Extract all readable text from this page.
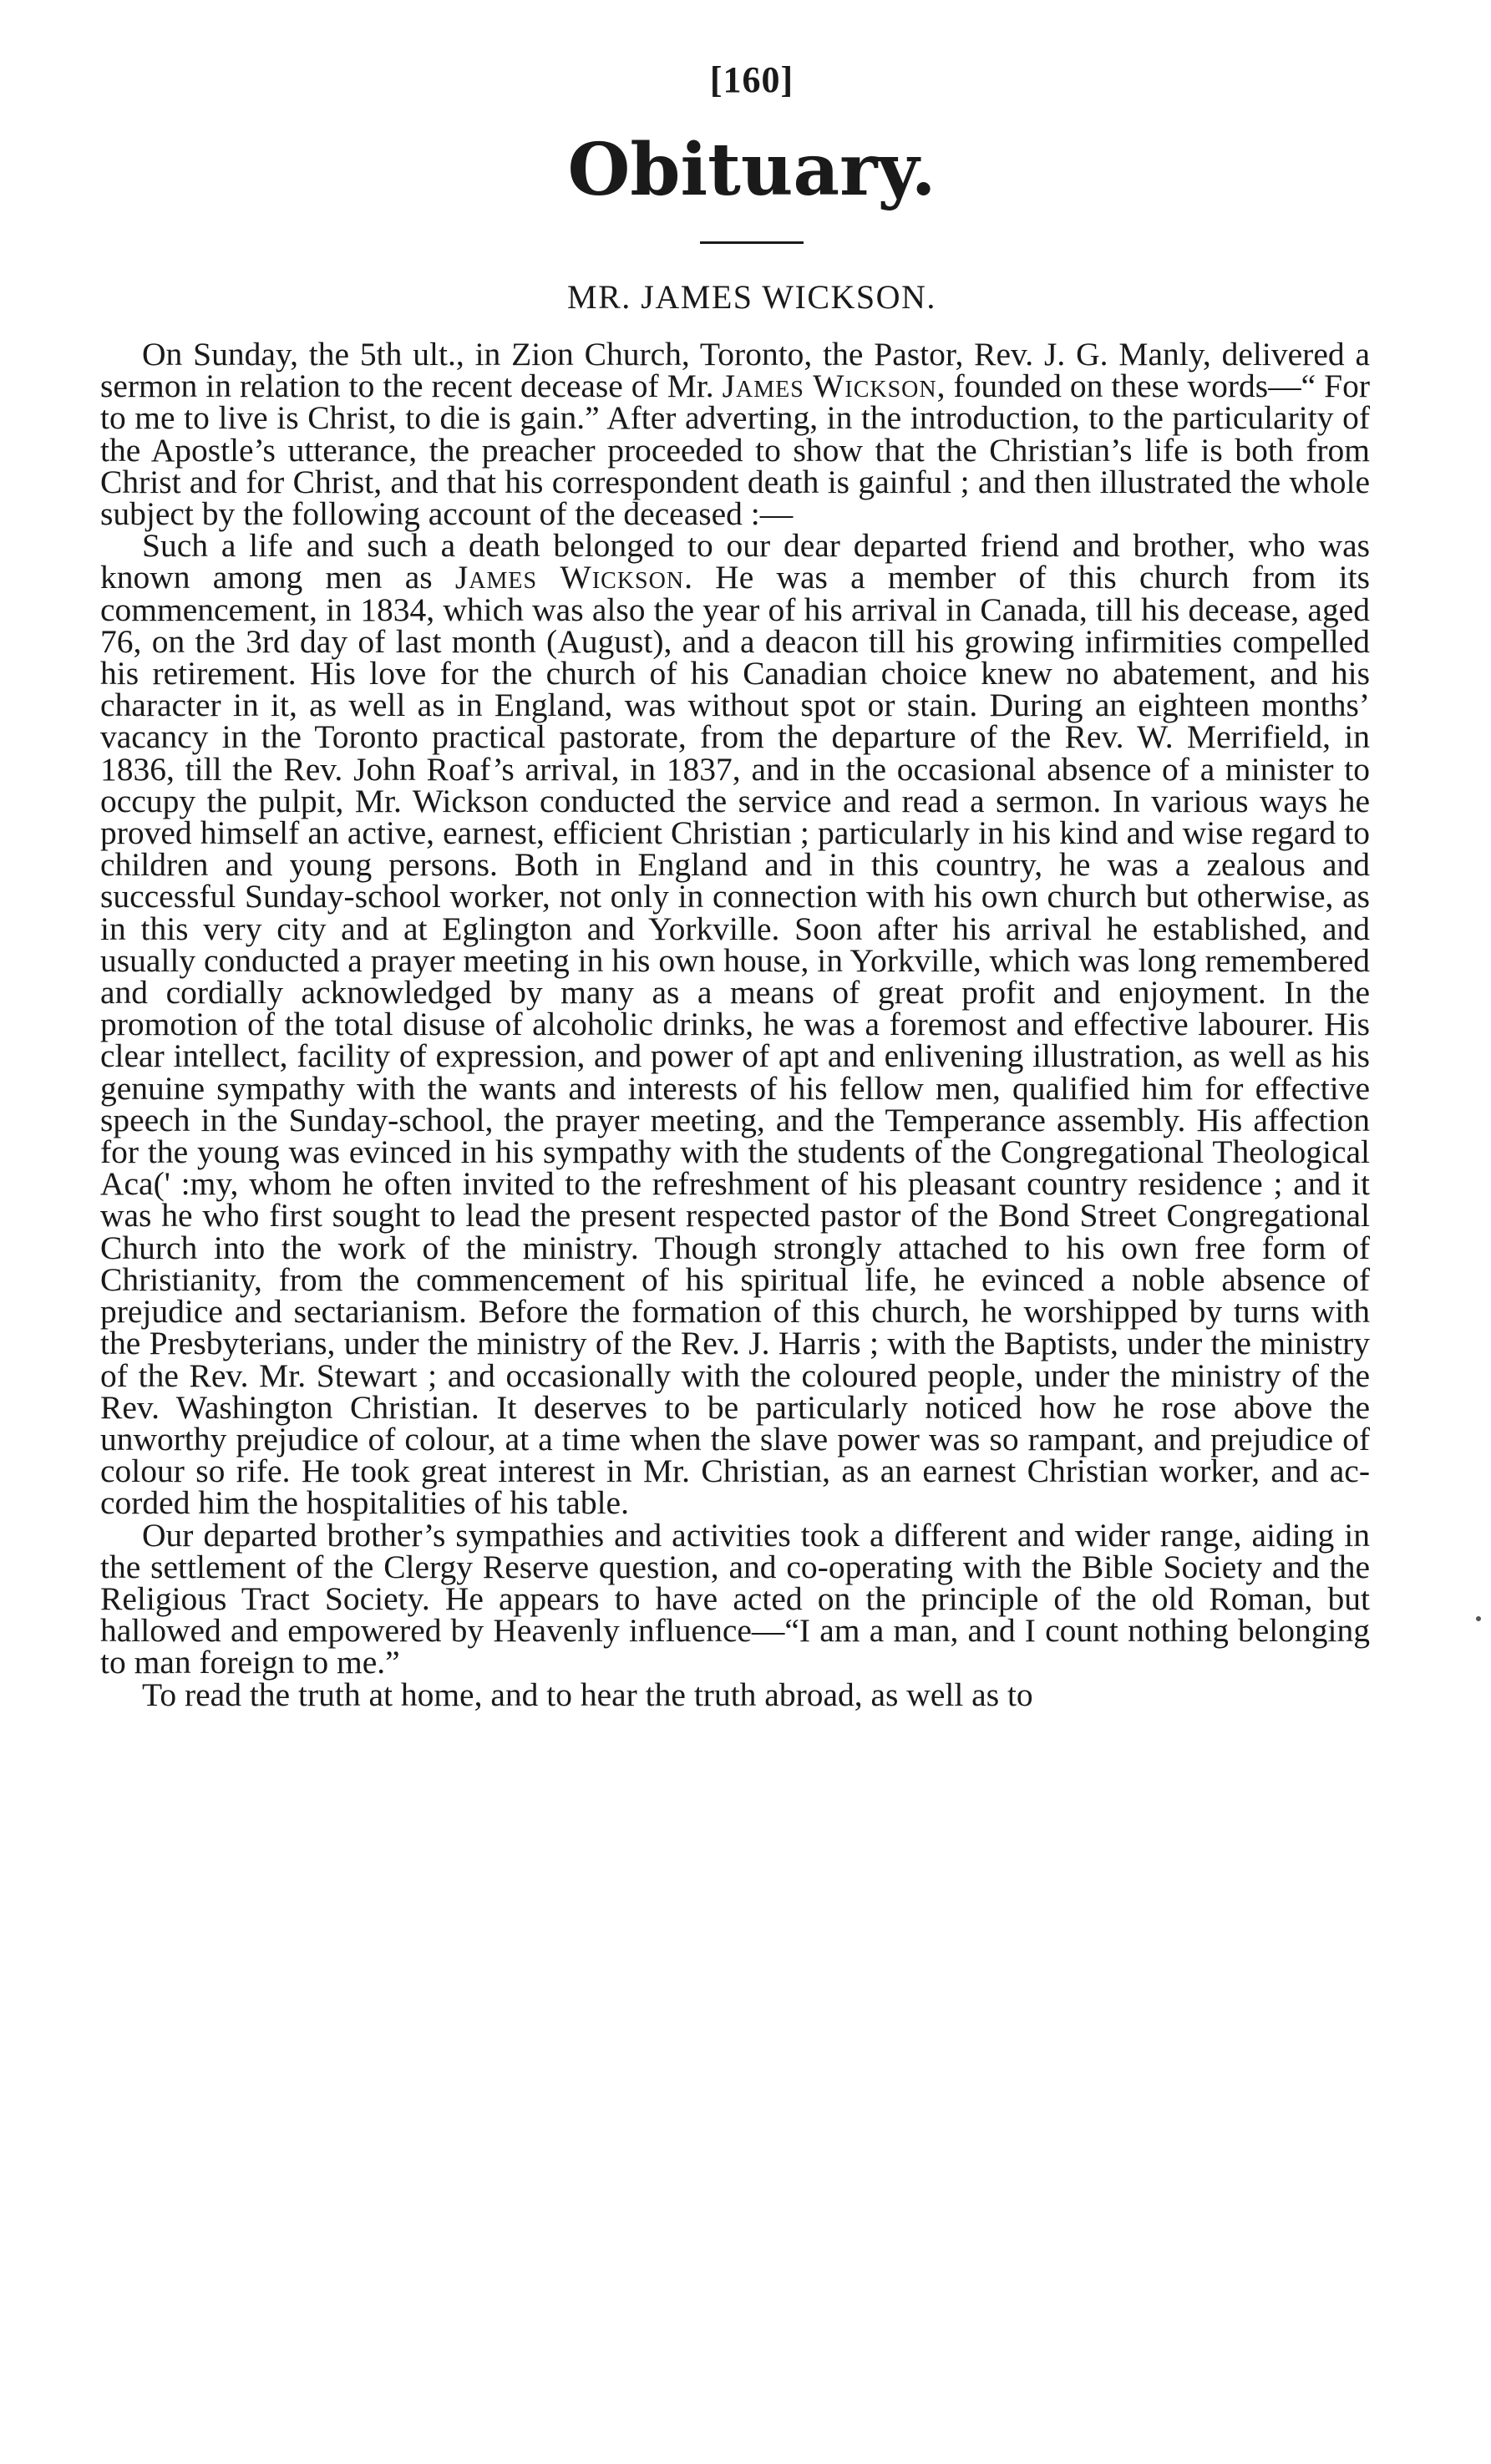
[160]
Obituary.
MR. JAMES WICKSON.

On Sunday, the 5th ult., in Zion Church, Toronto, the Pastor, Rev. J. G. Manly, delivered a sermon in relation to the recent decease of Mr. James Wickson, founded on these words—“ For to me to live is Christ, to die is gain.” After adverting, in the introduction, to the particularity of the Apostle’s utterance, the preacher proceeded to show that the Christian’s life is both from Christ and for Christ, and that his correspondent death is gainful ; and then illustrated the whole subject by the following account of the deceased :—

Such a life and such a death belonged to our dear departed friend and brother, who was known among men as James Wickson. He was a member of this church from its commencement, in 1834, which was also the year of his arrival in Canada, till his decease, aged 76, on the 3rd day of last month (August), and a deacon till his growing infirmities compelled his retirement. His love for the church of his Canadian choice knew no abatement, and his character in it, as well as in England, was without spot or stain. During an eighteen months’ vacancy in the Toronto practical pastorate, from the departure of the Rev. W. Merrifield, in 1836, till the Rev. John Roaf’s arrival, in 1837, and in the occasional absence of a minister to occupy the pulpit, Mr. Wickson conducted the service and read a sermon. In various ways he proved himself an active, earnest, efficient Christian ; particularly in his kind and wise regard to children and young persons. Both in England and in this country, he was a zealous and successful Sunday-school worker, not only in connection with his own church but otherwise, as in this very city and at Eglington and Yorkville. Soon after his arrival he established, and usually conducted a prayer meeting in his own house, in Yorkville, which was long remembered and cordially acknowledged by many as a means of great profit and enjoyment. In the promotion of the total disuse of alcoholic drinks, he was a foremost and effective labourer. His clear intellect, facility of expression, and power of apt and enlivening illustration, as well as his genuine sympathy with the wants and interests of his fellow men, qualified him for effective speech in the Sunday-school, the prayer meeting, and the Temperance assembly. His affection for the young was evinced in his sympathy with the students of the Congregational Theological Aca(' :my, whom he often invited to the refreshment of his pleasant country residence ; and it was he who first sought to lead the present respected pastor of the Bond Street Congregational Church into the work of the ministry. Though strongly attached to his own free form of Christianity, from the commencement of his spiritual life, he evinced a noble absence of prejudice and sectarianism. Before the formation of this church, he worshipped by turns with the Presbyterians, under the ministry of the Rev. J. Harris ; with the Baptists, under the ministry of the Rev. Mr. Stewart ; and occasionally with the coloured people, under the ministry of the Rev. Washington Christian. It deserves to be particularly noticed how he rose above the unworthy prejudice of colour, at a time when the slave power was so rampant, and prejudice of colour so rife. He took great interest in Mr. Christian, as an earnest Christian worker, and accorded him the hospitalities of his table.

Our departed brother’s sympathies and activities took a different and wider range, aiding in the settlement of the Clergy Reserve question, and co-operating with the Bible Society and the Religious Tract Society. He appears to have acted on the principle of the old Roman, but hallowed and empowered by Heavenly influence—“I am a man, and I count nothing belonging to man foreign to me.”

To read the truth at home, and to hear the truth abroad, as well as to
